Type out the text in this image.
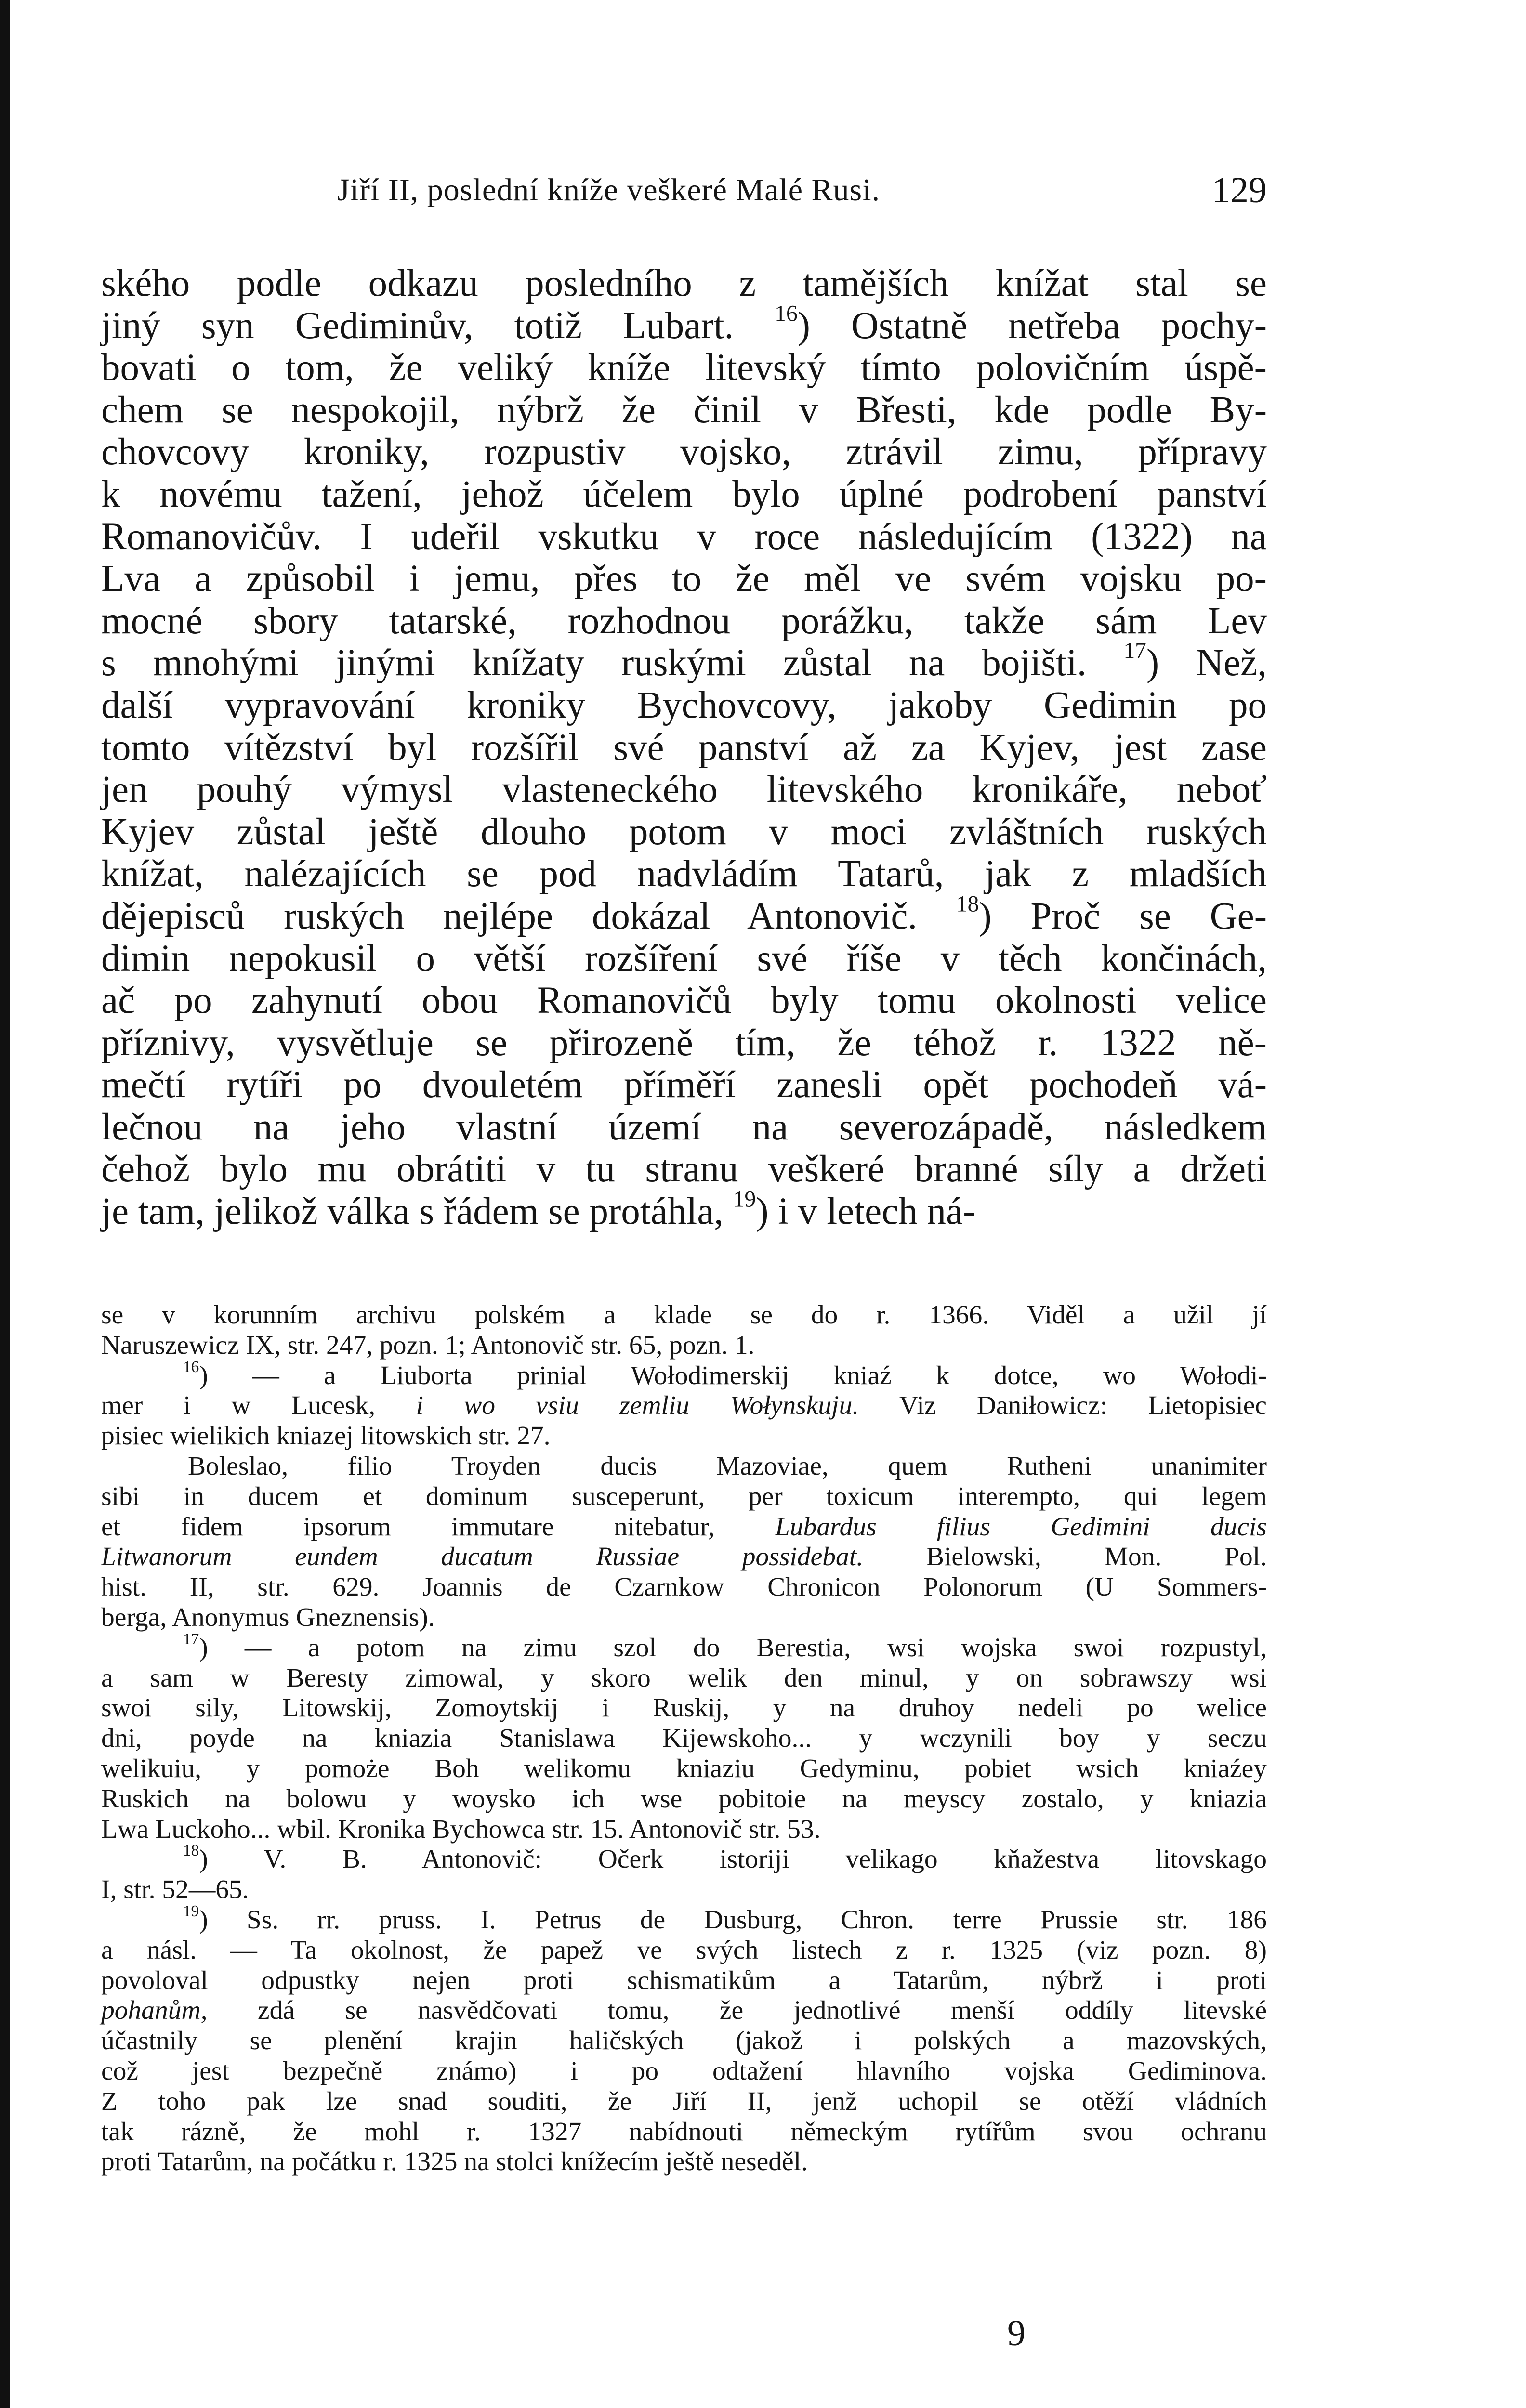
Jiří II, poslední kníže veškeré Malé Rusi.	129
ského podle odkazu posledního z tamějších knížat stal se
jiný syn Gediminův, totiž Lubart. $^{16}$) Ostatně netřeba pochy-
bovati o tom, že veliký kníže litevský tímto polovičním úspě-
chem se nespokojil, nýbrž že činil v Břesti, kde podle By-
chovcovy kroniky, rozpustiv vojsko, ztrávil zimu, přípravy
k novému tažení, jehož účelem bylo úplné podrobení panství
Romanovičův. I udeřil vskutku v roce následujícím (1322) na
Lva a způsobil i jemu, přes to že měl ve svém vojsku po-
mocné sbory tatarské, rozhodnou porážku, takže sám Lev
s mnohými jinými knížaty ruskými zůstal na bojišti. $^{17}$) Než,
další vypravování kroniky Bychovcovy, jakoby Gedimin po
tomto vítězství byl rozšířil své panství až za Kyjev, jest zase
jen pouhý výmysl vlasteneckého litevského kronikáře, neboť
Kyjev zůstal ještě dlouho potom v moci zvláštních ruských
knížat, nalézajících se pod nadvládím Tatarů, jak z mladších
dějepisců ruských nejlépe dokázal Antonovič. $^{18}$) Proč se Ge-
dimin nepokusil o větší rozšíření své říše v těch končinách,
ač po zahynutí obou Romanovičů byly tomu okolnosti velice
příznivy, vysvětluje se přirozeně tím, že téhož r. 1322 ně-
mečtí rytíři po dvouletém příměří zanesli opět pochodeň vá-
lečnou na jeho vlastní území na severozápadě, následkem
čehož bylo mu obrátiti v tu stranu veškeré branné síly a držeti
je tam, jelikož válka s řádem se protáhla, $^{19}$) i v letech ná-
se v korunním archivu polském a klade se do r. 1366. Viděl a užil jí
Naruszewicz IX, str. 247, pozn. 1; Antonovič str. 65, pozn. 1.
$^{16}$) — a Liuborta prinial Wołodimerskij kniaź k dotce, wo Wołodi-
mer i w Lucesk, i wo vsiu zemliu Wołynskuju. Viz Daniłowicz: Lietopisiec
pisiec wielikich kniazej litowskich str. 27.
Boleslao, filio Troyden ducis Mazoviae, quem Rutheni unanimiter
sibi in ducem et dominum susceperunt, per toxicum interempto, qui legem
et fidem ipsorum immutare nitebatur, Lubardus filius Gedimini ducis
Litwanorum eundem ducatum Russiae possidebat. Bielowski, Mon. Pol.
hist. II, str. 629. Joannis de Czarnkow Chronicon Polonorum (U Sommers-
berga, Anonymus Gneznensis).
$^{17}$) — a potom na zimu szol do Berestia, wsi wojska swoi rozpustyl,
a sam w Beresty zimowal, y skoro welik den minul, y on sobrawszy wsi
swoi sily, Litowskij, Zomoytskij i Ruskij, y na druhoy nedeli po welice
dni, poyde na kniazia Stanislawa Kijewskoho... y wczynili boy y seczu
welikuiu, y pomoże Boh welikomu kniaziu Gedyminu, pobiet wsich kniaźey
Ruskich na bolowu y woysko ich wse pobitoie na meyscy zostalo, y kniazia
Lwa Luckoho... wbil. Kronika Bychowca str. 15. Antonovič str. 53.
$^{18}$) V. B. Antonovič: Očerk istoriji velikago kňažestva litovskago
I, str. 52—65.
$^{19}$) Ss. rr. pruss. I. Petrus de Dusburg, Chron. terre Prussie str. 186
a násl. — Ta okolnost, že papež ve svých listech z r. 1325 (viz pozn. 8)
povoloval odpustky nejen proti schismatikům a Tatarům, nýbrž i proti
pohanům, zdá se nasvědčovati tomu, že jednotlivé menší oddíly litevské
účastnily se plenění krajin haličských (jakož i polských a mazovských,
což jest bezpečně známo) i po odtažení hlavního vojska Gediminova.
Z toho pak lze snad souditi, že Jiří II, jenž uchopil se otěží vládních
tak rázně, že mohl r. 1327 nabídnouti německým rytířům svou ochranu
proti Tatarům, na počátku r. 1325 na stolci knížecím ještě neseděl.
9
